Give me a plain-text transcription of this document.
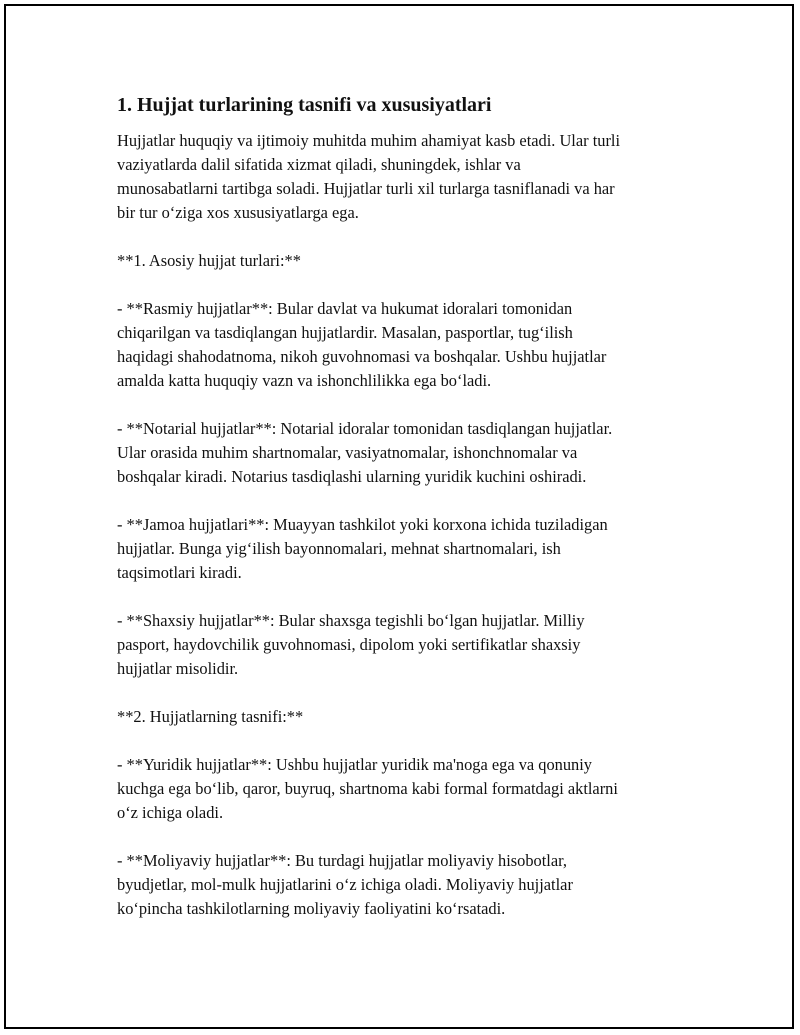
1. Hujjat turlarining tasnifi va xususiyatlari

Hujjatlar huquqiy va ijtimoiy muhitda muhim ahamiyat kasb etadi. Ular turli
vaziyatlarda dalil sifatida xizmat qiladi, shuningdek, ishlar va
munosabatlarni tartibga soladi. Hujjatlar turli xil turlarga tasniflanadi va har
bir tur o‘ziga xos xususiyatlarga ega.

**1. Asosiy hujjat turlari:**

- **Rasmiy hujjatlar**: Bular davlat va hukumat idoralari tomonidan
chiqarilgan va tasdiqlangan hujjatlardir. Masalan, pasportlar, tug‘ilish
haqidagi shahodatnoma, nikoh guvohnomasi va boshqalar. Ushbu hujjatlar
amalda katta huquqiy vazn va ishonchlilikka ega bo‘ladi.

- **Notarial hujjatlar**: Notarial idoralar tomonidan tasdiqlangan hujjatlar.
Ular orasida muhim shartnomalar, vasiyatnomalar, ishonchnomalar va
boshqalar kiradi. Notarius tasdiqlashi ularning yuridik kuchini oshiradi.

- **Jamoa hujjatlari**: Muayyan tashkilot yoki korxona ichida tuziladigan
hujjatlar. Bunga yig‘ilish bayonnomalari, mehnat shartnomalari, ish
taqsimotlari kiradi.

- **Shaxsiy hujjatlar**: Bular shaxsga tegishli bo‘lgan hujjatlar. Milliy
pasport, haydovchilik guvohnomasi, dipolom yoki sertifikatlar shaxsiy
hujjatlar misolidir.

**2. Hujjatlarning tasnifi:**

- **Yuridik hujjatlar**: Ushbu hujjatlar yuridik ma'noga ega va qonuniy
kuchga ega bo‘lib, qaror, buyruq, shartnoma kabi formal formatdagi aktlarni
o‘z ichiga oladi.

- **Moliyaviy hujjatlar**: Bu turdagi hujjatlar moliyaviy hisobotlar,
byudjetlar, mol-mulk hujjatlarini o‘z ichiga oladi. Moliyaviy hujjatlar
ko‘pincha tashkilotlarning moliyaviy faoliyatini ko‘rsatadi.
